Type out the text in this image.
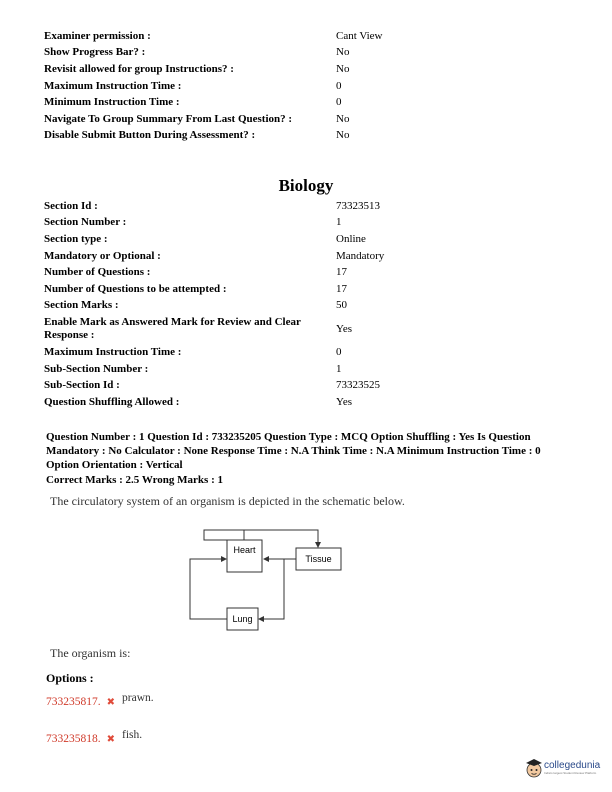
Examiner permission :	Cant View
Show Progress Bar? :	No
Revisit allowed for group Instructions? :	No
Maximum Instruction Time :	0
Minimum Instruction Time :	0
Navigate To Group Summary From Last Question? :	No
Disable Submit Button During Assessment? :	No
Biology
Section Id :	73323513
Section Number :	1
Section type :	Online
Mandatory or Optional :	Mandatory
Number of Questions :	17
Number of Questions to be attempted :	17
Section Marks :	50
Enable Mark as Answered Mark for Review and Clear Response :
Yes
Maximum Instruction Time :	0
Sub-Section Number :	1
Sub-Section Id :	73323525
Question Shuffling Allowed :	Yes
Question Number : 1 Question Id : 733235205 Question Type : MCQ Option Shuffling : Yes Is Question Mandatory : No Calculator : None Response Time : N.A Think Time : N.A Minimum Instruction Time : 0 Option Orientation : Vertical
Correct Marks : 2.5 Wrong Marks : 1
The circulatory system of an organism is depicted in the schematic below.
Heart
Tissue
Lung
The organism is:
Options :
733235817. ✖ prawn.
733235818. ✖ fish.
collegedunia
India's largest Student Review Platform
